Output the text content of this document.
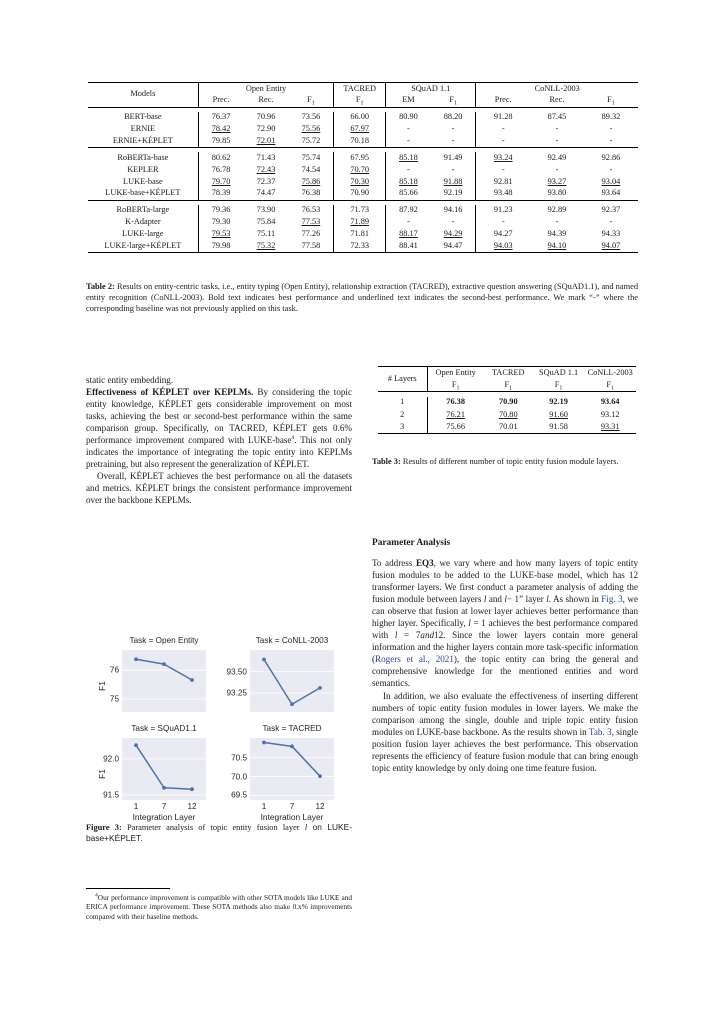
Models	Open Entity			TACRED	SQuAD 1.1		CoNLL-2003		
	Prec.	Rec.	$F_1$	$F_1$	EM	$F_1$	Prec.	Rec.	$F_1$

BERT-base	76.37	70.96	73.56	66.00	80.90	88.20	91.28	87.45	89.32
ERNIE	78.42	72.90	75.56	67.97	-	-	-	-	-
ERNIE+KÉPLET	79.85	72.01	75.72	70.18	-	-	-	-	-

RoBERTa-base	80.62	71.43	75.74	67.95	85.18	91.49	93.24	92.49	92.86
KEPLER	76.78	72.43	74.54	70.70	-	-	-	-	-
LUKE-base	79.70	72.37	75.86	70.30	85.18	91.88	92.81	93.27	93.04
LUKE-base+KÉPLET	78.39	74.47	76.38	70.90	85.66	92.19	93.48	93.80	93.64

RoBERTa-large	79.36	73.90	76.53	71.73	87.92	94.16	91.23	92.89	92.37
K-Adapter	79.30	75.84	77.53	71.89	-	-	-	-	-
LUKE-large	79.53	75.11	77.26	71.81	88.17	94.29	94.27	94.39	94.33
LUKE-large+KÉPLET	79.98	75.32	77.58	72.33	88.41	94.47	94.03	94.10	94.07
Table 2: Results on entity-centric tasks, i.e., entity typing (Open Entity), relationship extraction (TACRED), extractive question answering (SQuAD1.1), and named entity recognition (CoNLL-2003). Bold text indicates best performance and underlined text indicates the second-best performance. We mark “-” where the corresponding baseline was not previously applied on this task.

static entity embedding.

Effectiveness of KÉPLET over KEPLMs. By considering the topic entity knowledge, KÉPLET gets considerable improvement on most tasks, achieving the best or second-best performance within the same comparison group. Specifically, on TACRED, KÉPLET gets 0.6% performance improvement compared with LUKE-base$^4$. This not only indicates the importance of integrating the topic entity into KEPLMs pretraining, but also represent the generalization of KÉPLET.

Overall, KÉPLET achieves the best performance on all the datasets and metrics. KÉPLET brings the consistent performance improvement over the backbone KEPLMs.

# Layers	Open Entity	TACRED	SQuAD 1.1	CoNLL-2003
	$F_1$	$F_1$	$F_1$	$F_1$

1	76.38	70.90	92.19	93.64
2	76.21	70.80	91.60	93.12
3	75.66	70.01	91.58	93.31
Table 3: Results of different number of topic entity fusion module layers.
Parameter Analysis

To address EQ3, we vary where and how many layers of topic entity fusion modules to be added to the LUKE-base model, which has 12 transformer layers. We first conduct a parameter analysis of adding the fusion module between layers l and l− 1” layer l. As shown in Fig. 3, we can observe that fusion at lower layer achieves better performance than higher layer. Specifically, l = 1 achieves the best performance compared with l = 7and12. Since the lower layers contain more general information and the higher layers contain more task-specific information (Rogers et al., 2021), the topic entity can bring the general and comprehensive knowledge for the mentioned entities and word semantics.

In addition, we also evaluate the effectiveness of inserting different numbers of topic entity fusion modules in lower layers. We make the comparison among the single, double and triple topic entity fusion modules on LUKE-base backbone. As the results shown in Tab. 3, single position fusion layer achieves the best performance. This observation represents the efficiency of feature fusion module that can bring enough topic entity knowledge by only doing one time feature fusion.

Task = Open Entity
F1
75
76
Task = CoNLL-2003
93.25
93.50
Task = SQuAD1.1
F1
91.5
92.0
1	7	12
Integration Layer
Task = TACRED
69.5
70.0
70.5
1	7	12
Integration Layer
Figure 3: Parameter analysis of topic entity fusion layer l on LUKE-base+KÉPLET.

$^4$Our performance improvement is compatible with other SOTA models like LUKE and ERICA performance improvement. These SOTA methods also make 0.x% improvements compared with their baseline methods.
